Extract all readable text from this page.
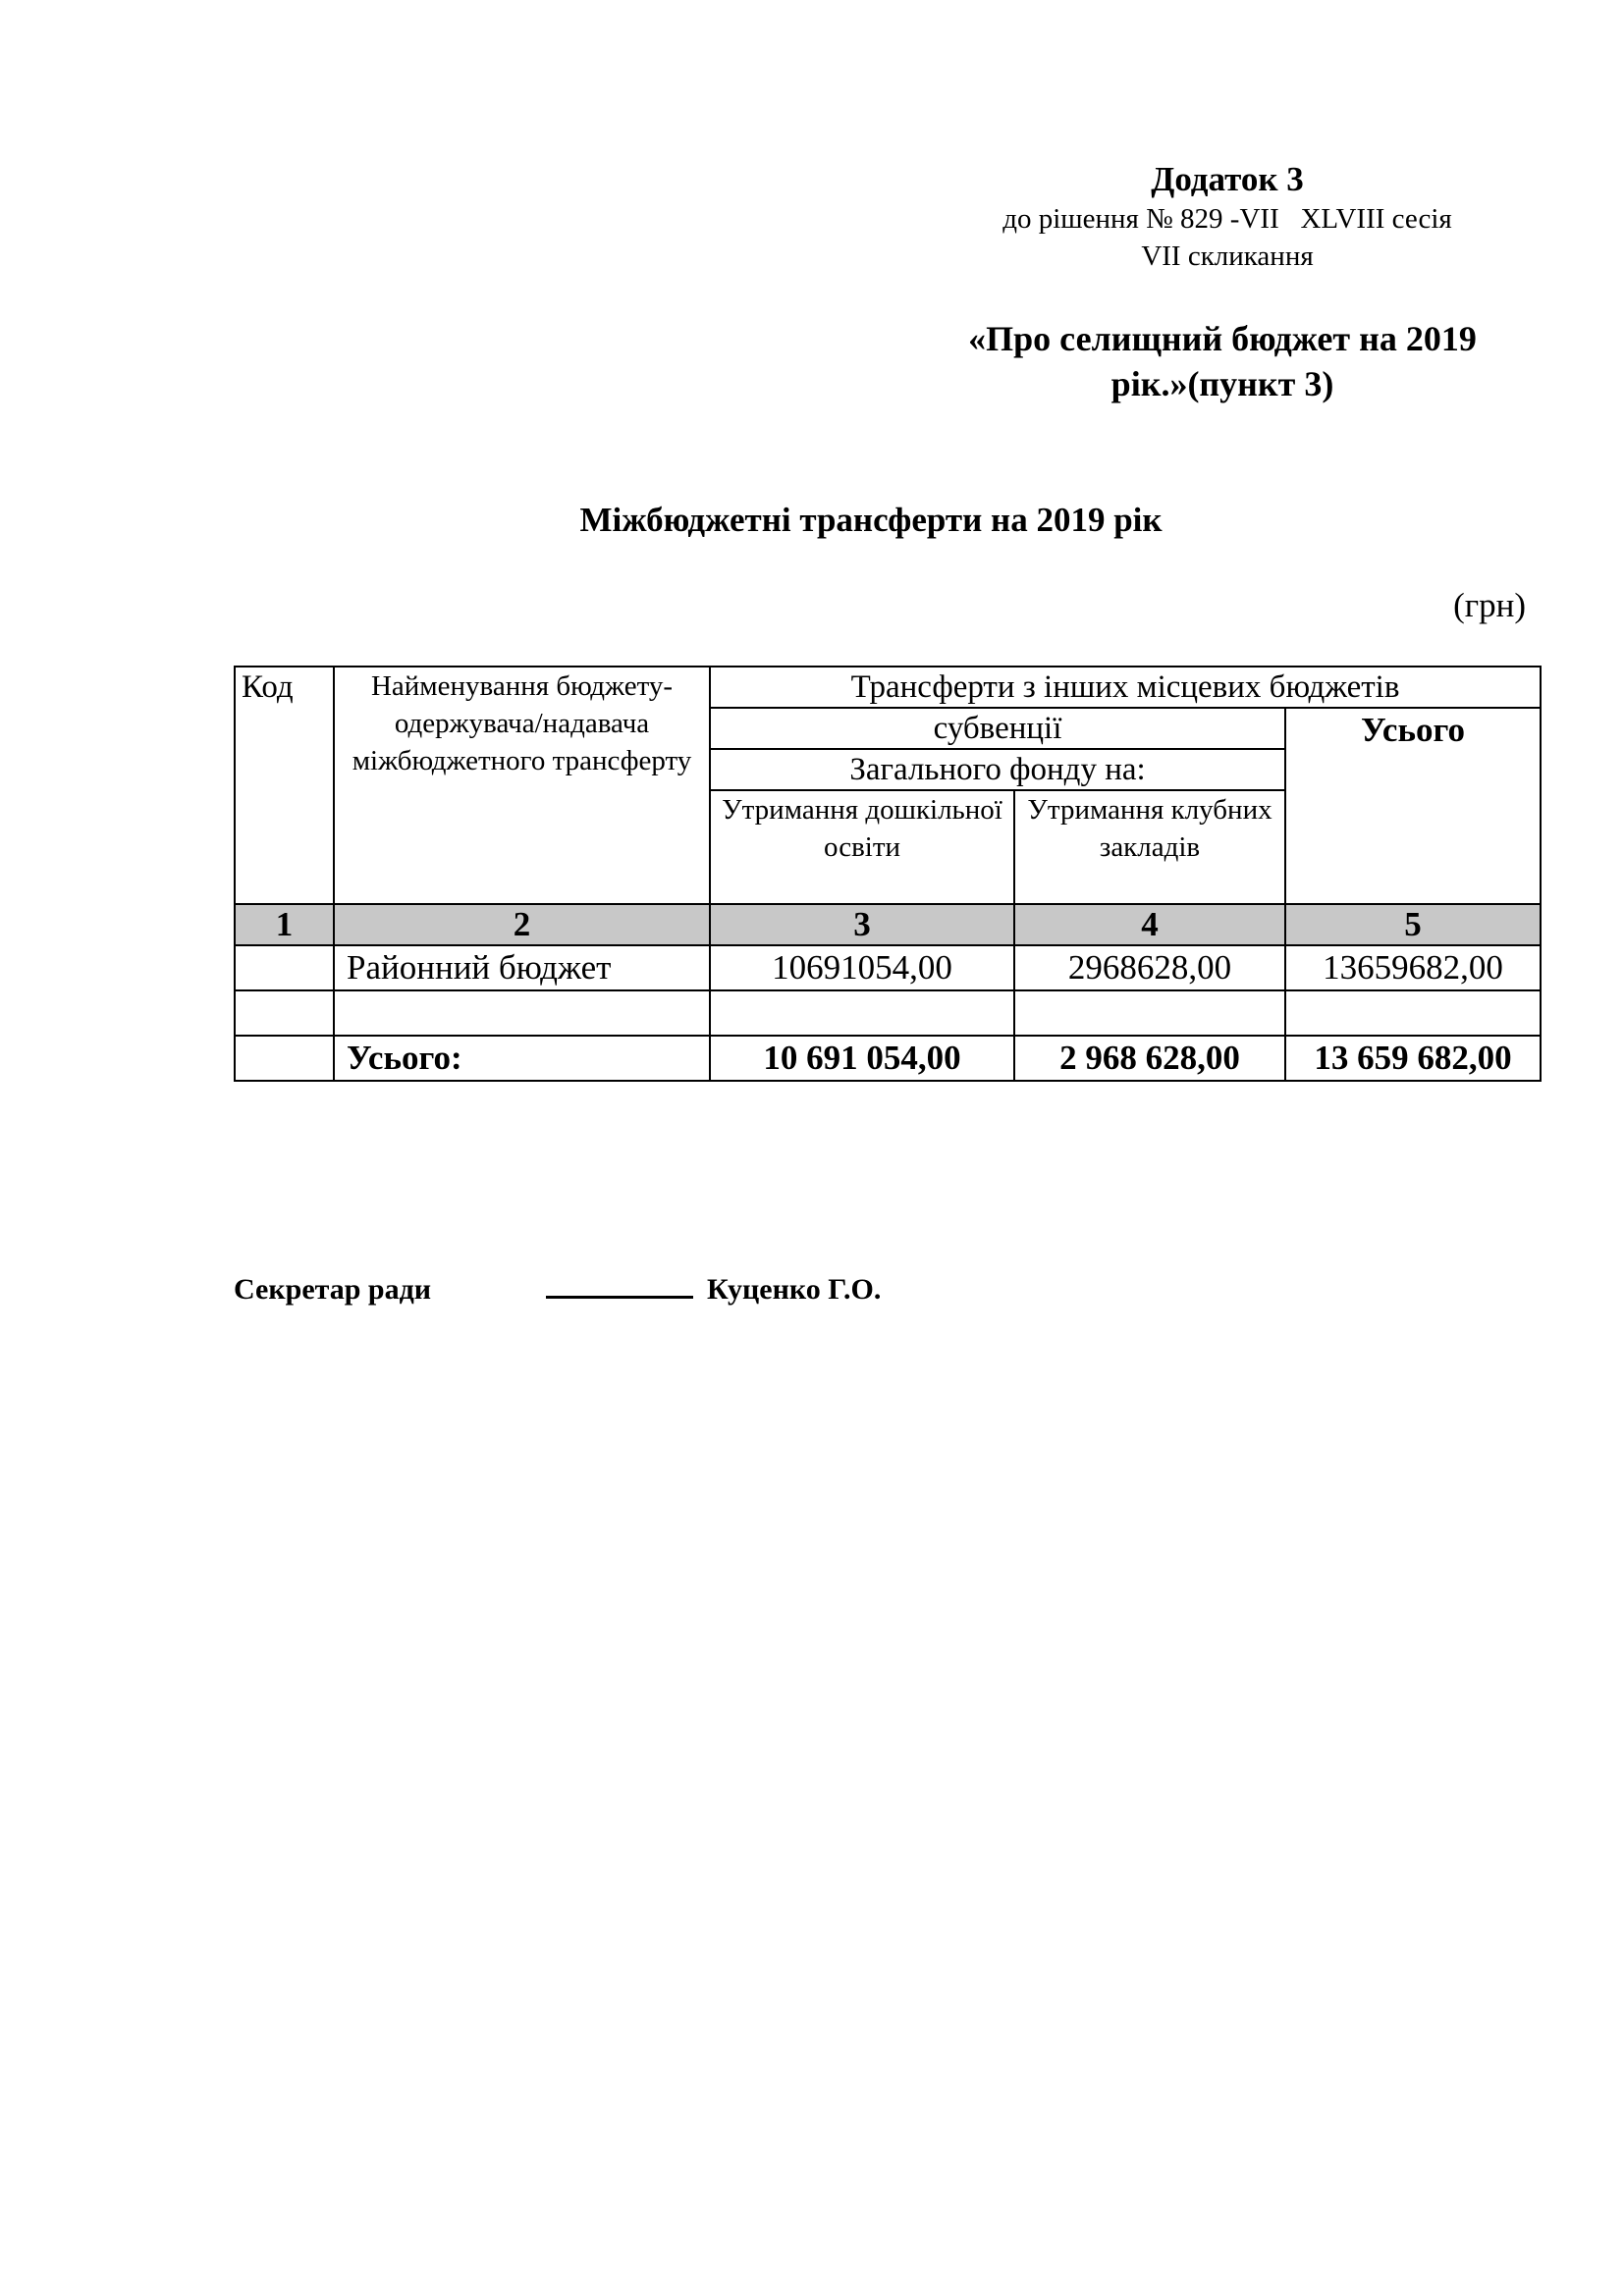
Додаток 3
до рішення № 829 -VII   XLVIII сесія
VII скликання
«Про селищний бюджет на 2019
рік.»(пункт 3)
Міжбюджетні трансферти на 2019 рік
(грн)
Код	Найменування бюджету-одержувача/надавача міжбюджетного трансферту	Трансферти з інших місцевих бюджетів		
		субвенції		Усього
		Загального фонду на:		
		Утримання дошкільної освіти	Утримання клубних закладів	
1	2	3	4	5
	Районний бюджет	10691054,00	2968628,00	13659682,00

	Усього:	10 691 054,00	2 968 628,00	13 659 682,00
Секретар ради	Куценко Г.О.
